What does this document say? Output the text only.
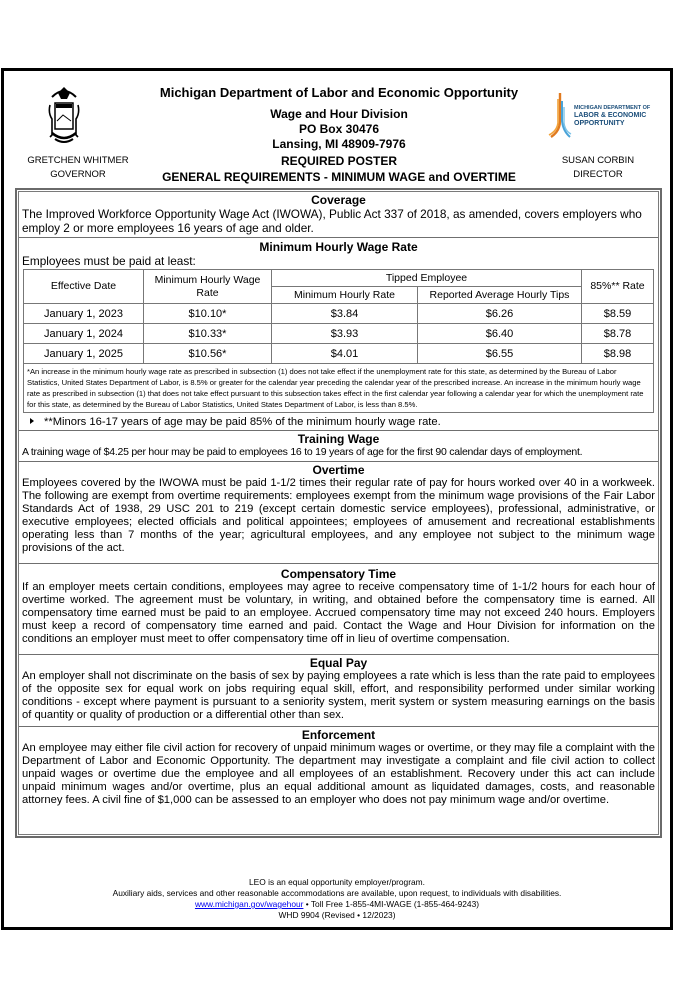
GRETCHEN WHITMER
GOVERNOR
Michigan Department of Labor and Economic Opportunity
Wage and Hour Division
PO Box 30476
Lansing, MI 48909-7976
REQUIRED POSTER
GENERAL REQUIREMENTS - MINIMUM WAGE and OVERTIME
MICHIGAN DEPARTMENT OF
LABOR & ECONOMIC
OPPORTUNITY
SUSAN CORBIN
DIRECTOR
Coverage
The Improved Workforce Opportunity Wage Act (IWOWA), Public Act 337 of 2018, as amended, covers employers who employ 2 or more employees 16 years of age and older.
Minimum Hourly Wage Rate
Employees must be paid at least:
Effective Date	Minimum Hourly Wage Rate	Tipped Employee		85%** Rate
		Minimum Hourly Rate	Reported Average Hourly Tips	
January 1, 2023	$10.10*	$3.84	$6.26	$8.59
January 1, 2024	$10.33*	$3.93	$6.40	$8.78
January 1, 2025	$10.56*	$4.01	$6.55	$8.98
*An increase in the minimum hourly wage rate as prescribed in subsection (1) does not take effect if the unemployment rate for this state, as determined by the Bureau of Labor Statistics, United States Department of Labor, is 8.5% or greater for the calendar year preceding the calendar year of the prescribed increase. An increase in the minimum hourly wage rate as prescribed in subsection (1) that does not take effect pursuant to this subsection takes effect in the first calendar year following a calendar year for which the unemployment rate for this state, as determined by the Bureau of Labor Statistics, United States Department of Labor, is less than 8.5%.
**Minors 16-17 years of age may be paid 85% of the minimum hourly wage rate.
Training Wage
A training wage of $4.25 per hour may be paid to employees 16 to 19 years of age for the first 90 calendar days of employment.
Overtime
Employees covered by the IWOWA must be paid 1-1/2 times their regular rate of pay for hours worked over 40 in a workweek. The following are exempt from overtime requirements: employees exempt from the minimum wage provisions of the Fair Labor Standards Act of 1938, 29 USC 201 to 219 (except certain domestic service employees), professional, administrative, or executive employees; elected officials and political appointees; employees of amusement and recreational establishments operating less than 7 months of the year; agricultural employees, and any employee not subject to the minimum wage provisions of the act.
Compensatory Time
If an employer meets certain conditions, employees may agree to receive compensatory time of 1-1/2 hours for each hour of overtime worked. The agreement must be voluntary, in writing, and obtained before the compensatory time is earned. All compensatory time earned must be paid to an employee. Accrued compensatory time may not exceed 240 hours. Employers must keep a record of compensatory time earned and paid. Contact the Wage and Hour Division for information on the conditions an employer must meet to offer compensatory time off in lieu of overtime compensation.
Equal Pay
An employer shall not discriminate on the basis of sex by paying employees a rate which is less than the rate paid to employees of the opposite sex for equal work on jobs requiring equal skill, effort, and responsibility performed under similar working conditions - except where payment is pursuant to a seniority system, merit system or system measuring earnings on the basis of quantity or quality of production or a differential other than sex.
Enforcement
An employee may either file civil action for recovery of unpaid minimum wages or overtime, or they may file a complaint with the Department of Labor and Economic Opportunity. The department may investigate a complaint and file civil action to collect unpaid wages or overtime due the employee and all employees of an establishment. Recovery under this act can include unpaid minimum wages and/or overtime, plus an equal additional amount as liquidated damages, costs, and reasonable attorney fees. A civil fine of $1,000 can be assessed to an employer who does not pay minimum wage and/or overtime.
LEO is an equal opportunity employer/program.
Auxiliary aids, services and other reasonable accommodations are available, upon request, to individuals with disabilities.
www.michigan.gov/wagehour • Toll Free 1-855-4MI-WAGE (1-855-464-9243)
WHD 9904 (Revised • 12/2023)
